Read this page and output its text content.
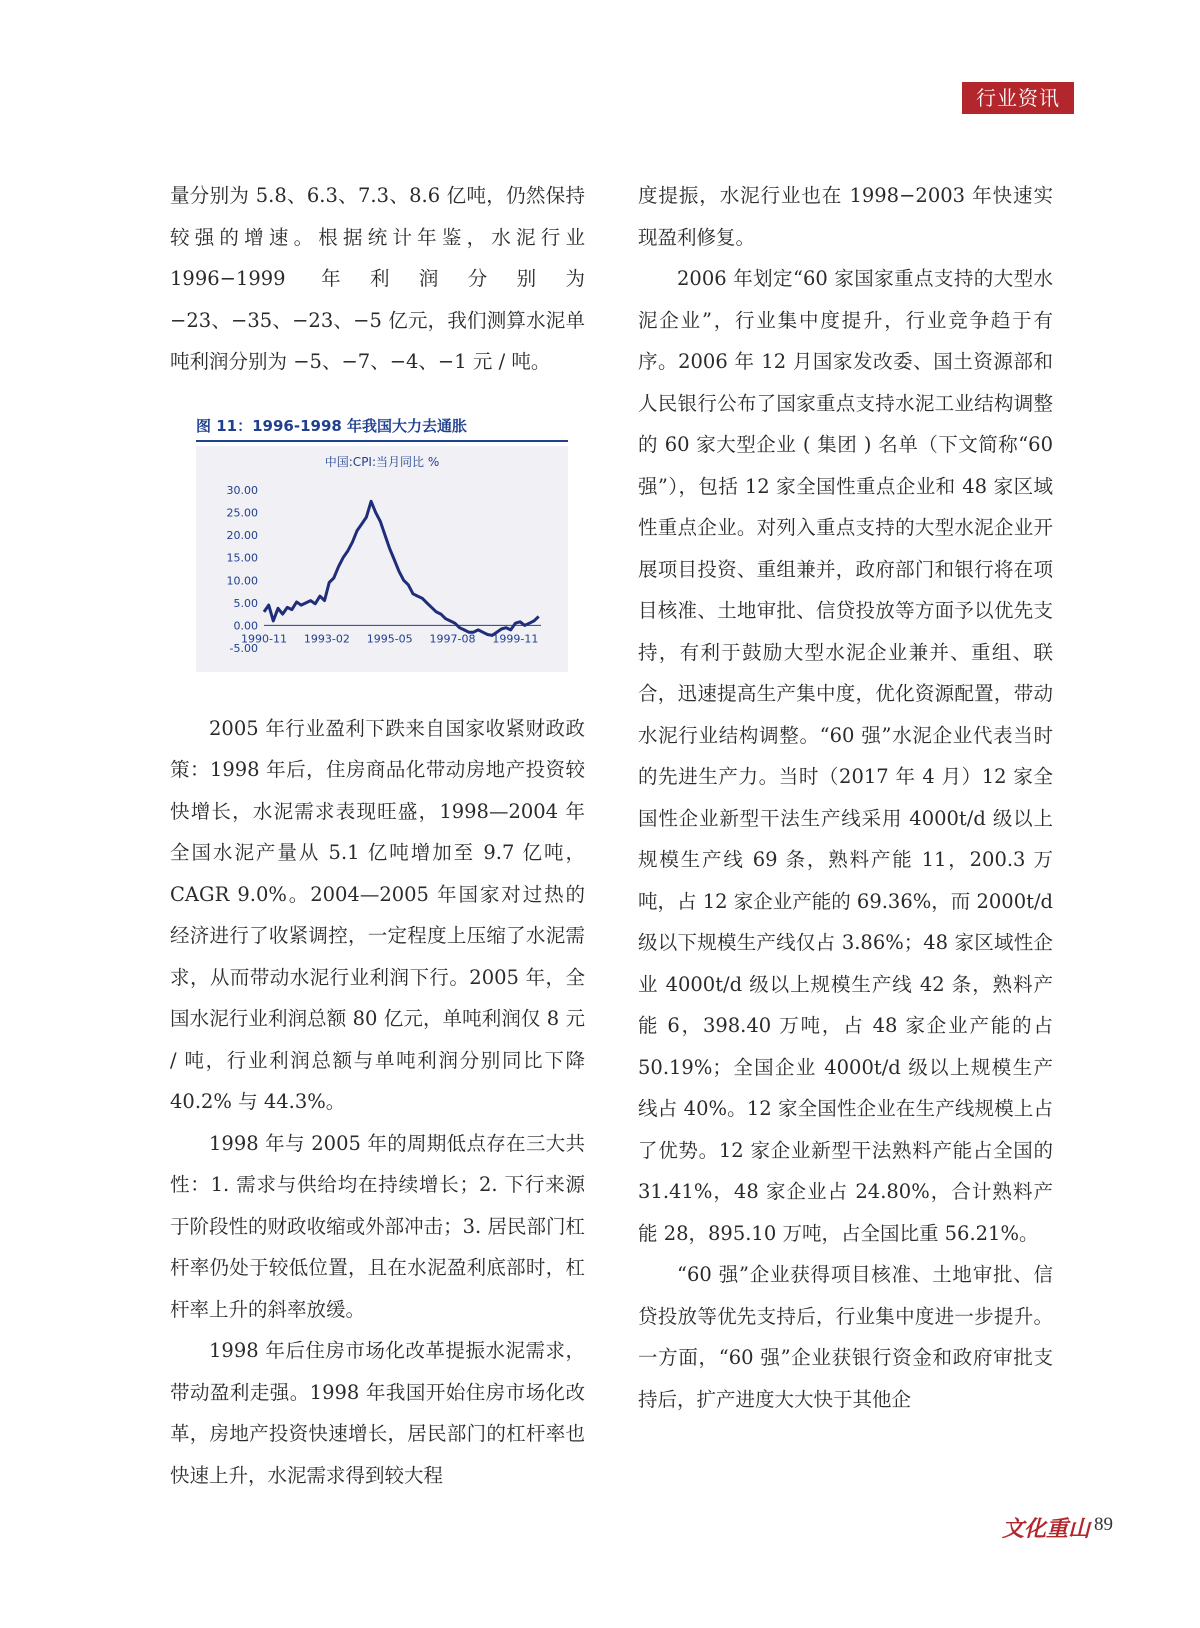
行业资讯

量分别为 5.8、6.3、7.3、8.6 亿吨，仍然保持较强的增速。根据统计年鉴，水泥行业 1996−1999 年利润分别为 −23、−35、−23、−5 亿元，我们测算水泥单吨利润分别为 −5、−7、−4、−1 元 / 吨。

图 11：1996-1998 年我国大力去通胀
中国:CPI:当月同比 %
30.00
25.00
20.00
15.00
10.00
5.00
0.00
-5.00
1990-11 1993-02 1995-05 1997-08 1999-11

2005 年行业盈利下跌来自国家收紧财政政策：1998 年后，住房商品化带动房地产投资较快增长，水泥需求表现旺盛，1998—2004 年全国水泥产量从 5.1 亿吨增加至 9.7 亿吨，CAGR 9.0%。2004—2005 年国家对过热的经济进行了收紧调控，一定程度上压缩了水泥需求，从而带动水泥行业利润下行。2005 年，全国水泥行业利润总额 80 亿元，单吨利润仅 8 元 / 吨，行业利润总额与单吨利润分别同比下降 40.2% 与 44.3%。

1998 年与 2005 年的周期低点存在三大共性：1. 需求与供给均在持续增长；2. 下行来源于阶段性的财政收缩或外部冲击；3. 居民部门杠杆率仍处于较低位置，且在水泥盈利底部时，杠杆率上升的斜率放缓。

1998 年后住房市场化改革提振水泥需求，带动盈利走强。1998 年我国开始住房市场化改革，房地产投资快速增长，居民部门的杠杆率也快速上升，水泥需求得到较大程

度提振，水泥行业也在 1998−2003 年快速实现盈利修复。

2006 年划定“60 家国家重点支持的大型水泥企业”，行业集中度提升，行业竞争趋于有序。2006 年 12 月国家发改委、国土资源部和人民银行公布了国家重点支持水泥工业结构调整的 60 家大型企业 ( 集团 ) 名单（下文简称“60 强”），包括 12 家全国性重点企业和 48 家区域性重点企业。对列入重点支持的大型水泥企业开展项目投资、重组兼并，政府部门和银行将在项目核准、土地审批、信贷投放等方面予以优先支持，有利于鼓励大型水泥企业兼并、重组、联合，迅速提高生产集中度，优化资源配置，带动水泥行业结构调整。“60 强”水泥企业代表当时的先进生产力。当时（2017 年 4 月）12 家全国性企业新型干法生产线采用 4000t/d 级以上规模生产线 69 条，熟料产能 11，200.3 万吨，占 12 家企业产能的 69.36%，而 2000t/d 级以下规模生产线仅占 3.86%；48 家区域性企业 4000t/d 级以上规模生产线 42 条，熟料产能 6，398.40 万吨，占 48 家企业产能的占 50.19%；全国企业 4000t/d 级以上规模生产线占 40%。12 家全国性企业在生产线规模上占了优势。12 家企业新型干法熟料产能占全国的 31.41%，48 家企业占 24.80%，合计熟料产能 28，895.10 万吨，占全国比重 56.21%。

“60 强”企业获得项目核准、土地审批、信贷投放等优先支持后，行业集中度进一步提升。一方面，“60 强”企业获银行资金和政府审批支持后，扩产进度大大快于其他企

文化重山 89
